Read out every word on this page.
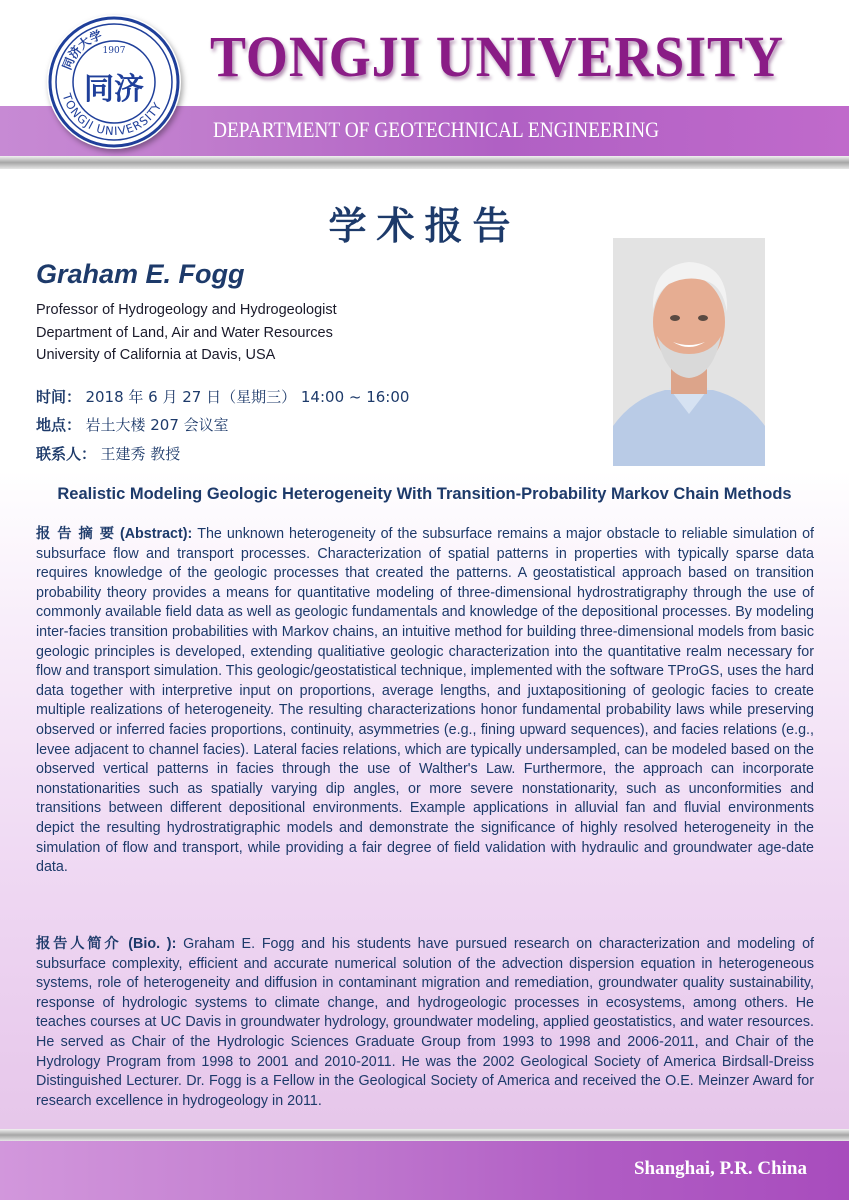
TONGJI UNIVERSITY
DEPARTMENT OF GEOTECHNICAL ENGINEERING
同济大学
1907
TONGJI UNIVERSITY
同济
学术报告
Graham E. Fogg
Professor of Hydrogeology and Hydrogeologist
Department of Land, Air and Water Resources
University of California at Davis, USA
时间： 2018 年 6 月 27 日（星期三） 14:00 ~ 16:00
地点： 岩土大楼 207 会议室
联系人： 王建秀 教授
Realistic Modeling Geologic Heterogeneity With Transition-Probability Markov Chain Methods
报 告 摘 要 (Abstract): The unknown heterogeneity of the subsurface remains a major obstacle to reliable simulation of subsurface flow and transport processes. Characterization of spatial patterns in properties with typically sparse data requires knowledge of the geologic processes that created the patterns. A geostatistical approach based on transition probability theory provides a means for quantitative modeling of three-dimensional hydrostratigraphy through the use of commonly available field data as well as geologic fundamentals and knowledge of the depositional processes. By modeling inter-facies transition probabilities with Markov chains, an intuitive method for building three-dimensional models from basic geologic principles is developed, extending qualitiative geologic characterization into the quantitative realm necessary for flow and transport simulation. This geologic/geostatistical technique, implemented with the software TProGS, uses the hard data together with interpretive input on proportions, average lengths, and juxtapositioning of geologic facies to create multiple realizations of heterogeneity. The resulting characterizations honor fundamental probability laws while preserving observed or inferred facies proportions, continuity, asymmetries (e.g., fining upward sequences), and facies relations (e.g., levee adjacent to channel facies). Lateral facies relations, which are typically undersampled, can be modeled based on the observed vertical patterns in facies through the use of Walther's Law. Furthermore, the approach can incorporate nonstationarities such as spatially varying dip angles, or more severe nonstationarity, such as unconformities and transitions between different depositional environments. Example applications in alluvial fan and fluvial environments depict the resulting hydrostratigraphic models and demonstrate the significance of highly resolved heterogeneity in the simulation of flow and transport, while providing a fair degree of field validation with hydraulic and groundwater age-date data.
报告人简介 (Bio. ): Graham E. Fogg and his students have pursued research on characterization and modeling of subsurface complexity, efficient and accurate numerical solution of the advection dispersion equation in heterogeneous systems, role of heterogeneity and diffusion in contaminant migration and remediation, groundwater quality sustainability, response of hydrologic systems to climate change, and hydrogeologic processes in ecosystems, among others. He teaches courses at UC Davis in groundwater hydrology, groundwater modeling, applied geostatistics, and water resources. He served as Chair of the Hydrologic Sciences Graduate Group from 1993 to 1998 and 2006-2011, and Chair of the Hydrology Program from 1998 to 2001 and 2010-2011. He was the 2002 Geological Society of America Birdsall-Dreiss Distinguished Lecturer. Dr. Fogg is a Fellow in the Geological Society of America and received the O.E. Meinzer Award for research excellence in hydrogeology in 2011.
Shanghai, P.R. China
